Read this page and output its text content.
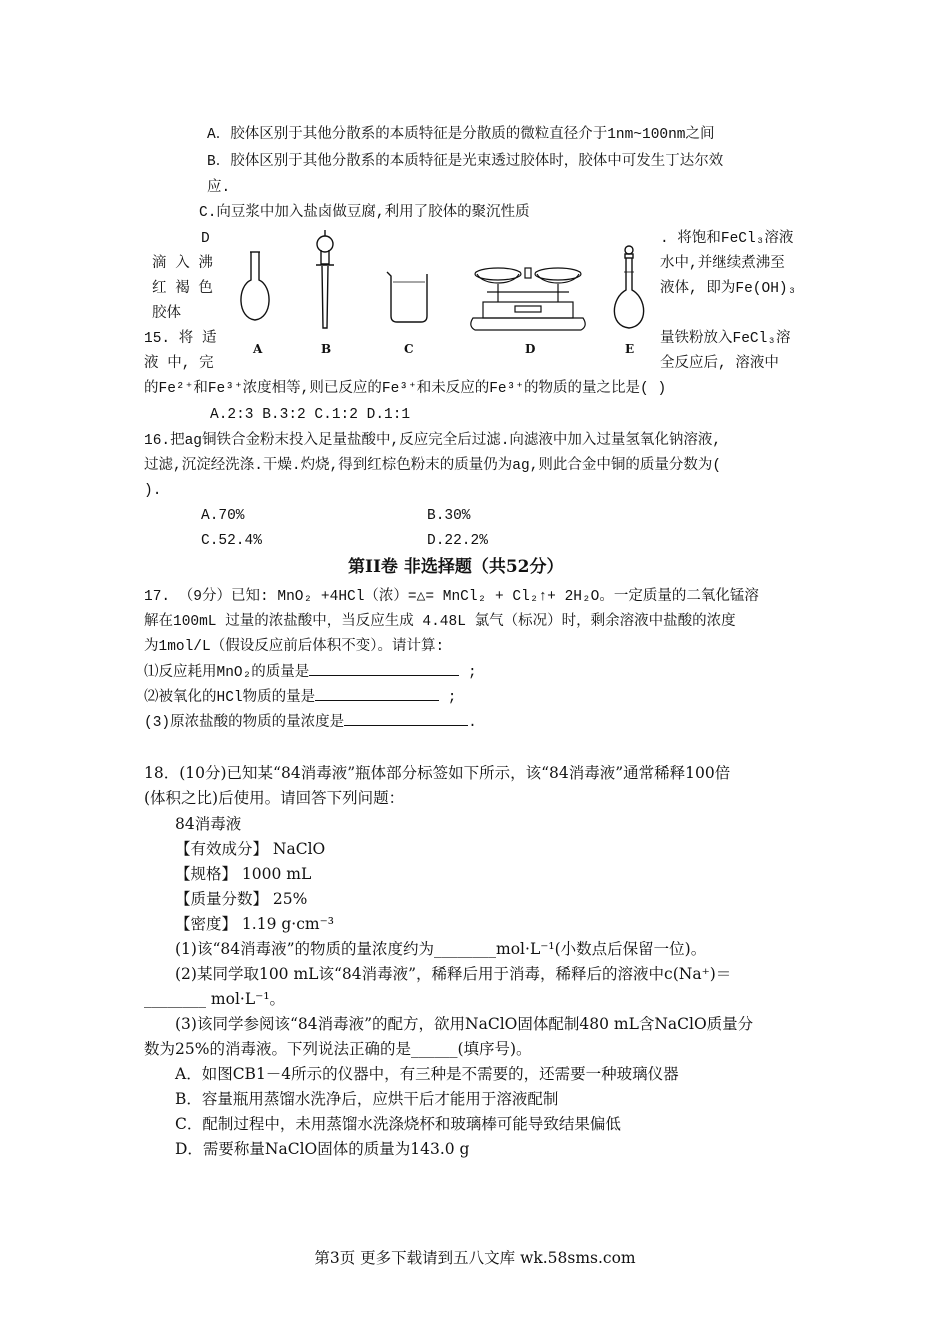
A．胶体区别于其他分散系的本质特征是分散质的微粒直径介于1nm~100nm之间
B．胶体区别于其他分散系的本质特征是光束透过胶体时，胶体中可发生丁达尔效
应.
C.向豆浆中加入盐卤做豆腐,利用了胶体的聚沉性质
D
滴 入 沸
红 褐 色
胶体
. 将饱和FeCl₃溶液
水中,并继续煮沸至
液体, 即为Fe(OH)₃
A	B	C	D	E
15. 将 适	量铁粉放入FeCl₃溶
液 中, 完	全反应后, 溶液中
的Fe²⁺和Fe³⁺浓度相等,则已反应的Fe³⁺和未反应的Fe³⁺的物质的量之比是( )
A.2:3 B.3:2 C.1:2 D.1:1
16.把ag铜铁合金粉末投入足量盐酸中,反应完全后过滤.向滤液中加入过量氢氧化钠溶液,
过滤,沉淀经洗涤.干燥.灼烧,得到红棕色粉末的质量仍为ag,则此合金中铜的质量分数为(
).
A.70%	B.30%
C.52.4%	D.22.2%
第II卷 非选择题（共52分）
17. （9分）已知: MnO₂ +4HCl（浓）=△= MnCl₂ + Cl₂↑+ 2H₂O。一定质量的二氧化锰溶
解在100mL 过量的浓盐酸中，当反应生成 4.48L 氯气（标况）时，剩余溶液中盐酸的浓度
为1mol/L（假设反应前后体积不变）。请计算:
⑴反应耗用MnO₂的质量是	;
⑵被氧化的HCl物质的量是	;
(3)原浓盐酸的物质的量浓度是	.
18．(10分)已知某“84消毒液”瓶体部分标签如下所示，该“84消毒液”通常稀释100倍
(体积之比)后使用。请回答下列问题：
84消毒液
【有效成分】 NaClO
【规格】 1000 mL
【质量分数】 25%
【密度】 1.19 g·cm⁻³
(1)该“84消毒液”的物质的量浓度约为________mol·L⁻¹(小数点后保留一位)。
(2)某同学取100 mL该“84消毒液”，稀释后用于消毒，稀释后的溶液中c(Na⁺)＝
________ mol·L⁻¹。
(3)该同学参阅该“84消毒液”的配方，欲用NaClO固体配制480 mL含NaClO质量分
数为25%的消毒液。下列说法正确的是______(填序号)。
A．如图CB1－4所示的仪器中，有三种是不需要的，还需要一种玻璃仪器
B．容量瓶用蒸馏水洗净后，应烘干后才能用于溶液配制
C．配制过程中，未用蒸馏水洗涤烧杯和玻璃棒可能导致结果偏低
D．需要称量NaClO固体的质量为143.0 g
第3页 更多下载请到五八文库 wk.58sms.com
